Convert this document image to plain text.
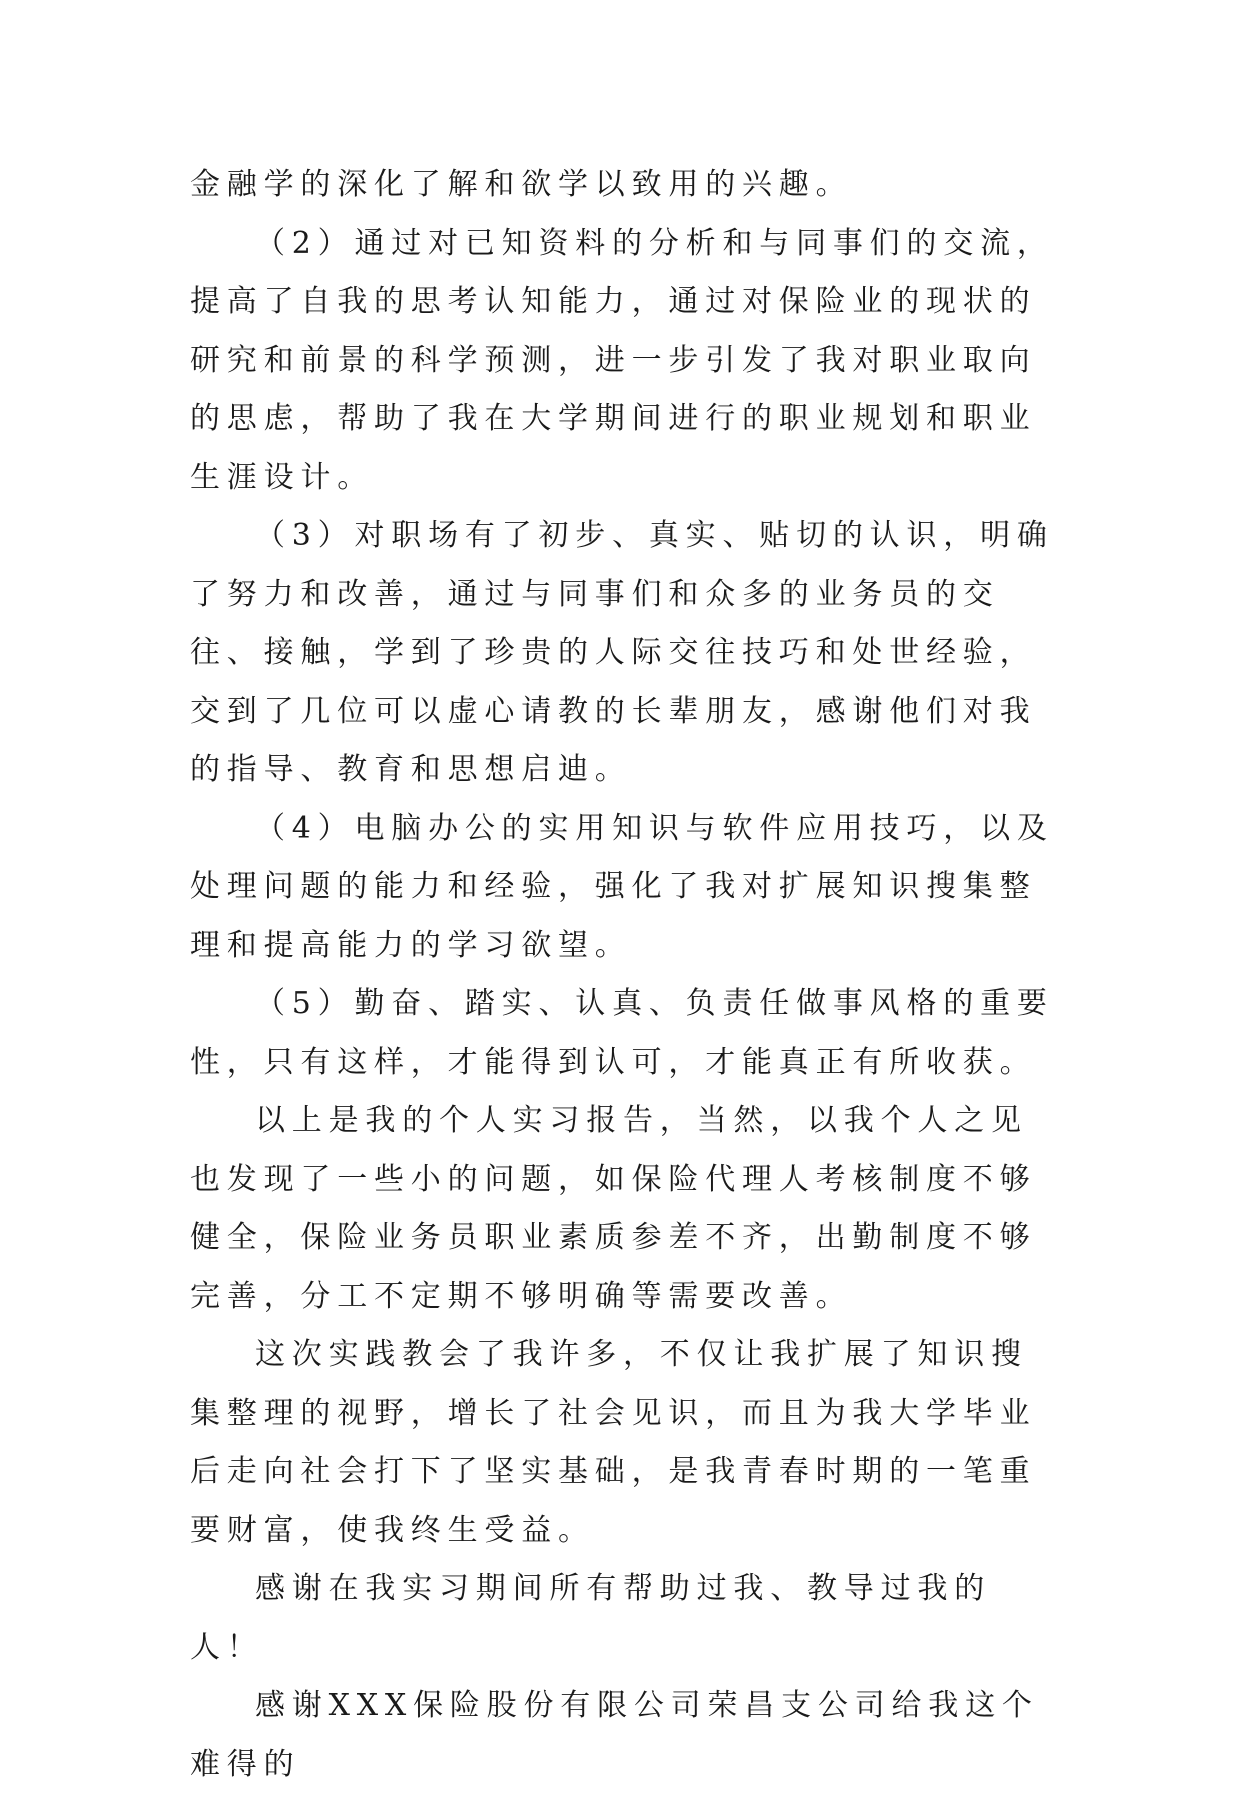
金融学的深化了解和欲学以致用的兴趣。

（2）通过对已知资料的分析和与同事们的交流，提高了自我的思考认知能力，通过对保险业的现状的研究和前景的科学预测，进一步引发了我对职业取向的思虑，帮助了我在大学期间进行的职业规划和职业生涯设计。

（3）对职场有了初步、真实、贴切的认识，明确了努力和改善，通过与同事们和众多的业务员的交往、接触，学到了珍贵的人际交往技巧和处世经验，交到了几位可以虚心请教的长辈朋友，感谢他们对我的指导、教育和思想启迪。

（4）电脑办公的实用知识与软件应用技巧，以及处理问题的能力和经验，强化了我对扩展知识搜集整理和提高能力的学习欲望。

（5）勤奋、踏实、认真、负责任做事风格的重要性，只有这样，才能得到认可，才能真正有所收获。

以上是我的个人实习报告，当然，以我个人之见也发现了一些小的问题，如保险代理人考核制度不够健全，保险业务员职业素质参差不齐，出勤制度不够完善，分工不定期不够明确等需要改善。

这次实践教会了我许多，不仅让我扩展了知识搜集整理的视野，增长了社会见识，而且为我大学毕业后走向社会打下了坚实基础，是我青春时期的一笔重要财富，使我终生受益。

感谢在我实习期间所有帮助过我、教导过我的人！

感谢XXX保险股份有限公司荣昌支公司给我这个难得的
